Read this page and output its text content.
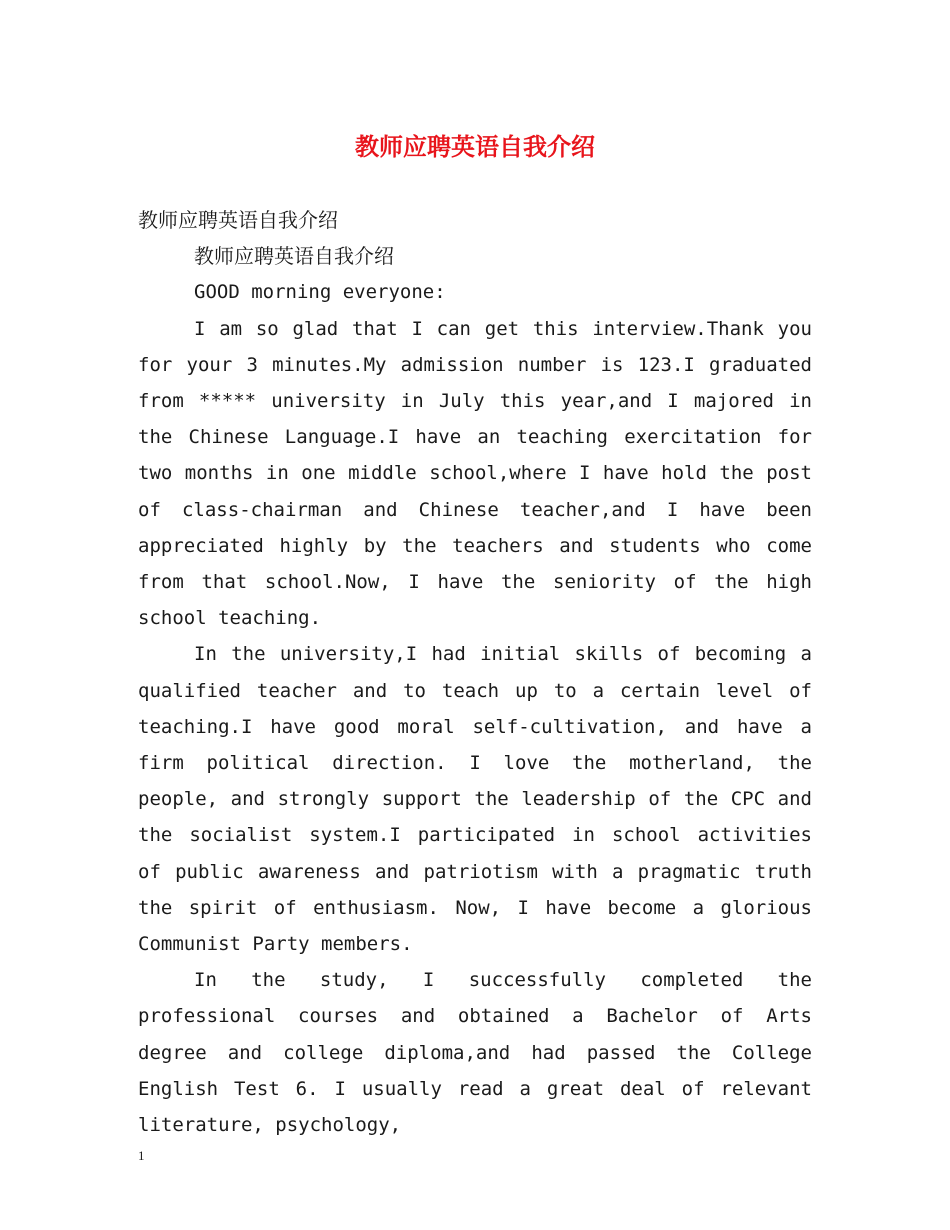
教师应聘英语自我介绍

教师应聘英语自我介绍

教师应聘英语自我介绍

GOOD morning everyone:

I am so glad that I can get this interview.Thank you for your 3 minutes.My admission number is 123.I graduated from ***** university in July this year,and I majored in the Chinese Language.I have an teaching exercitation for two months in one middle school,where I have hold the post of class-chairman and Chinese teacher,and I have been appreciated highly by the teachers and students who come from that school.Now, I have the seniority of the high school teaching.

In the university,I had initial skills of becoming a qualified teacher and to teach up to a certain level of teaching.I have good moral self-cultivation, and have a firm political direction. I love the motherland, the people, and strongly support the leadership of the CPC and the socialist system.I participated in school activities of public awareness and patriotism with a pragmatic truth the spirit of enthusiasm. Now, I have become a glorious Communist Party members.

In the study, I successfully completed the professional courses and obtained a Bachelor of Arts degree and college diploma,and had passed the College English Test 6. I usually read a great deal of relevant literature, psychology,

1
